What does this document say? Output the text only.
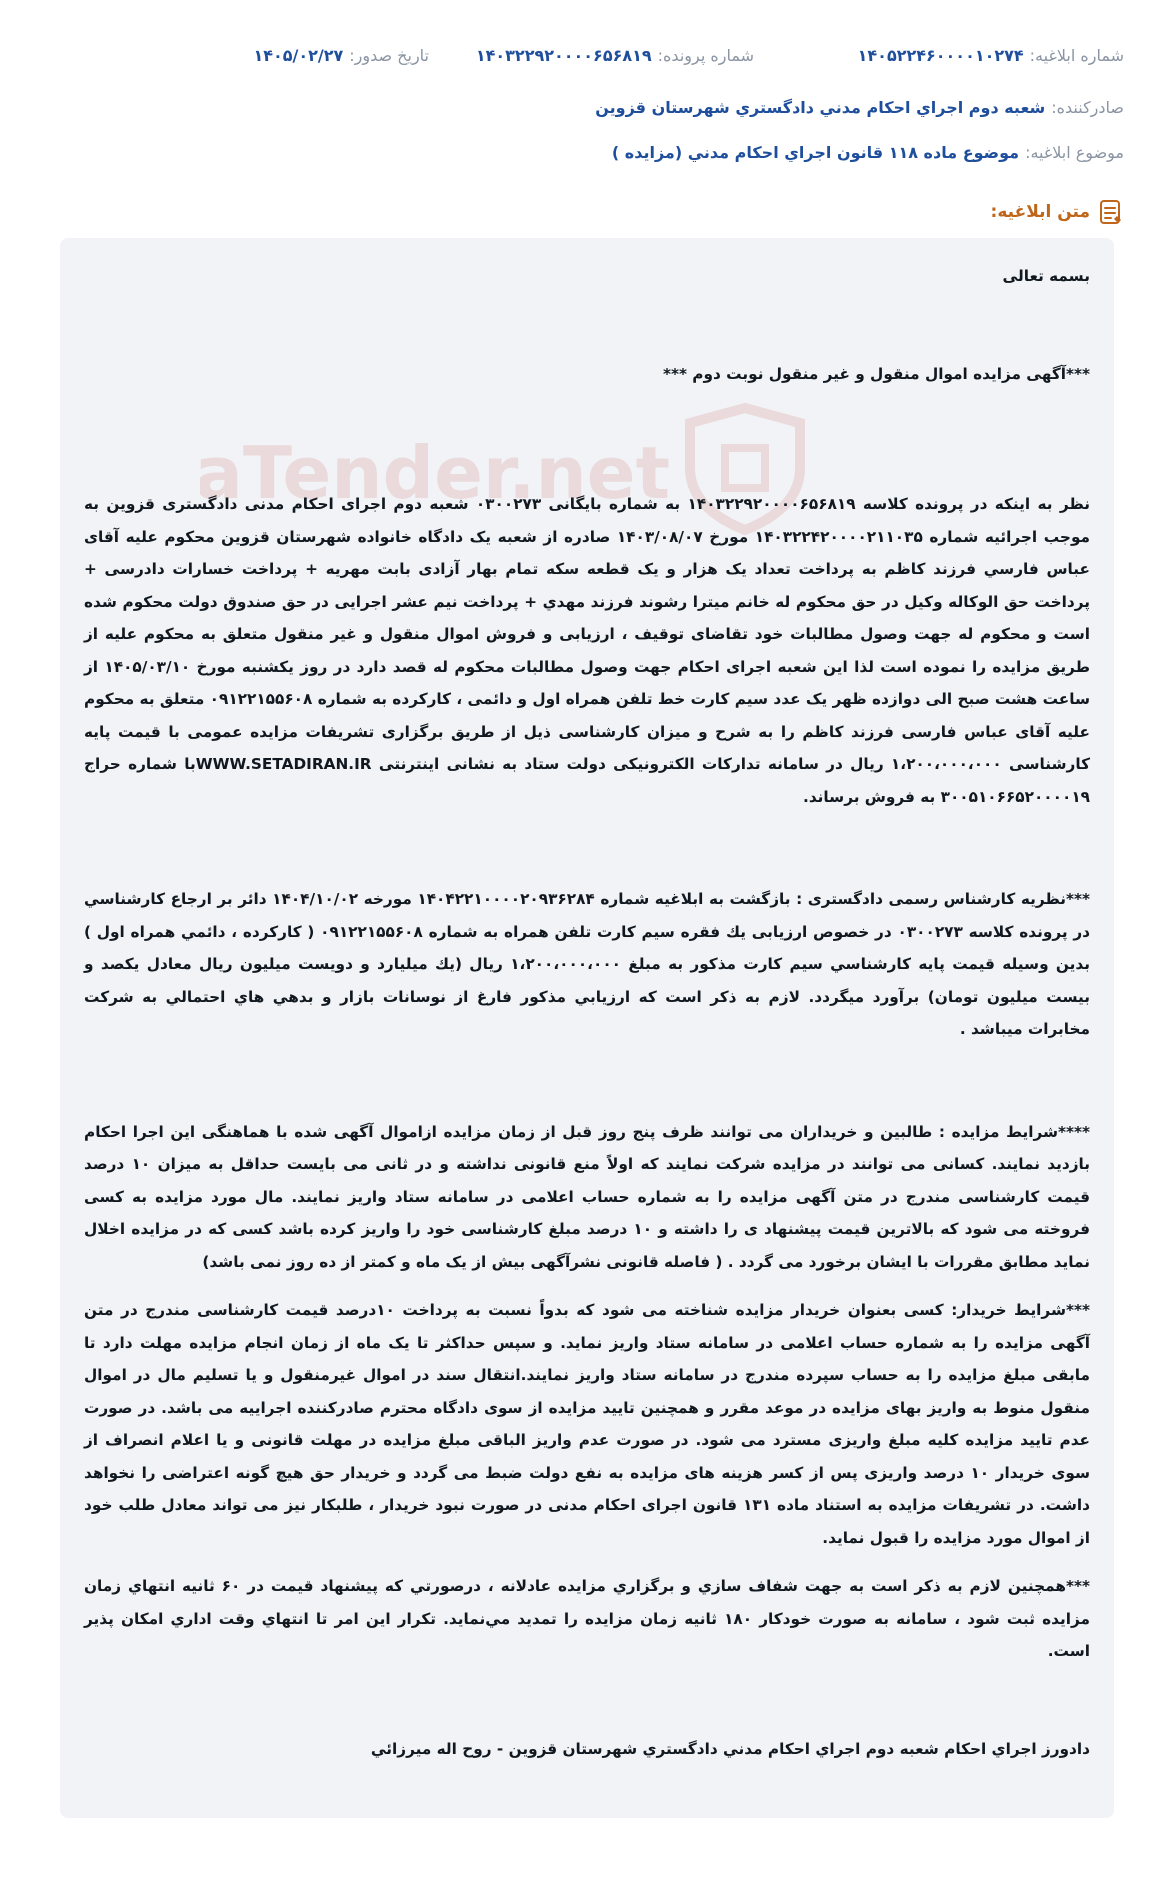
شماره ابلاغيه:
۱۴۰۵۲۲۴۶۰۰۰۰۱۰۲۷۴
شماره پرونده:
۱۴۰۳۲۲۹۲۰۰۰۰۶۵۶۸۱۹
تاريخ صدور:
۱۴۰۵/۰۲/۲۷
صادرکننده:
شعبه دوم اجراي احکام مدني دادگستري شهرستان قزوين
موضوع ابلاغيه:
موضوع ماده ۱۱۸ قانون اجراي احکام مدني (مزايده )
متن ابلاغيه:
aTender.net

بسمه تعالی

***آگهی مزایده اموال منقول و غیر منقول نوبت دوم ***

نظر به اینکه در پرونده کلاسه ۱۴۰۳۲۲۹۲۰۰۰۰۶۵۶۸۱۹ به شماره بایگانی ۰۳۰۰۲۷۳ شعبه دوم اجرای احکام مدنی دادگستری قزوین به موجب اجرائیه شماره ۱۴۰۳۲۲۴۲۰۰۰۰۲۱۱۰۳۵ مورخ ۱۴۰۳/۰۸/۰۷ صادره از شعبه یک دادگاه خانواده شهرستان قزوین محکوم علیه آقای عباس فارسي فرزند کاظم به پرداخت تعداد یک هزار و یک قطعه سکه تمام بهار آزادی بابت مهریه + پرداخت خسارات دادرسی + پرداخت حق الوکاله وکیل در حق محکوم له خانم میترا رشوند فرزند مهدي + پرداخت نیم عشر اجرایی در حق صندوق دولت محکوم شده است و محکوم له جهت وصول مطالبات خود تقاضای توقیف ، ارزیابی و فروش اموال منقول و غیر منقول متعلق به محکوم علیه از طریق مزایده را نموده است لذا این شعبه اجرای احکام جهت وصول مطالبات محکوم له قصد دارد در روز یکشنبه مورخ ۱۴۰۵/۰۳/۱۰ از ساعت هشت صبح الی دوازده ظهر یک عدد سیم کارت خط تلفن همراه اول و دائمی ، کارکرده به شماره ۰۹۱۲۲۱۵۵۶۰۸ متعلق به محکوم علیه آقای عباس فارسی فرزند کاظم را به شرح و میزان کارشناسی ذیل از طریق برگزاری تشریفات مزایده عمومی با قیمت پایه کارشناسی ۱،۲۰۰،۰۰۰،۰۰۰ ریال در سامانه تدارکات الکترونیکی دولت ستاد به نشانی اینترنتی WWW.SETADIRAN.IRبا شماره حراج ۳۰۰۵۱۰۶۶۵۲۰۰۰۰۱۹ به فروش برساند.

***نظریه کارشناس رسمی دادگستری : بازگشت به ابلاغیه شماره ۱۴۰۴۲۲۱۰۰۰۰۲۰۹۳۶۲۸۴ مورخه ۱۴۰۴/۱۰/۰۲ دائر بر ارجاع کارشناسي در پرونده کلاسه ۰۳۰۰۲۷۳ در خصوص ارزیابی یك فقره سیم کارت تلفن همراه به شماره ۰۹۱۲۲۱۵۵۶۰۸ ( کارکرده ، دائمي همراه اول ) بدین وسیله قیمت پایه کارشناسي سیم کارت مذکور به مبلغ ۱،۲۰۰،۰۰۰،۰۰۰ ریال (یك میلیارد و دویست میلیون ریال معادل یکصد و بیست میلیون تومان) برآورد میگردد. لازم به ذکر است که ارزیابي مذکور فارغ از نوسانات بازار و بدهي هاي احتمالي به شرکت مخابرات میباشد .

****شرایط مزایده : طالبین و خریداران می توانند ظرف پنج روز قبل از زمان مزایده ازاموال آگهی شده با هماهنگی این اجرا احکام بازدید نمایند. کسانی می توانند در مزایده شرکت نمایند که اولاً منع قانونی نداشته و در ثانی می بایست حداقل به میزان ۱۰ درصد قیمت کارشناسی مندرج در متن آگهی مزایده را به شماره حساب اعلامی در سامانه ستاد واریز نمایند. مال مورد مزایده به کسی فروخته می شود که بالاترین قیمت پیشنهاد ی را داشته و ۱۰ درصد مبلغ کارشناسی خود را واریز کرده باشد کسی که در مزایده اخلال نماید مطابق مقررات با ایشان برخورد می گردد . ( فاصله قانونی نشرآگهی بیش از یک ماه و کمتر از ده روز نمی باشد)

***شرایط خریدار: کسی بعنوان خریدار مزایده شناخته می شود که بدواً نسبت به پرداخت ۱۰درصد قیمت کارشناسی مندرج در متن آگهی مزایده را به شماره حساب اعلامی در سامانه ستاد واریز نماید. و سپس حداکثر تا یک ماه از زمان انجام مزایده مهلت دارد تا مابقی مبلغ مزایده را به حساب سپرده مندرج در سامانه ستاد واریز نمایند.انتقال سند در اموال غیرمنقول و یا تسلیم مال در اموال منقول منوط به واریز بهای مزایده در موعد مقرر و همچنین تایید مزایده از سوی دادگاه محترم صادرکننده اجراییه می باشد. در صورت عدم تایید مزایده کلیه مبلغ واریزی مسترد می شود. در صورت عدم واریز الباقی مبلغ مزایده در مهلت قانونی و یا اعلام انصراف از سوی خریدار ۱۰ درصد واریزی پس از کسر هزینه های مزایده به نفع دولت ضبط می گردد و خریدار حق هیچ گونه اعتراضی را نخواهد داشت. در تشریفات مزایده به استناد ماده ۱۳۱ قانون اجرای احکام مدنی در صورت نبود خریدار ، طلبکار نیز می تواند معادل طلب خود از اموال مورد مزایده را قبول نماید.

***همچنين لازم به ذکر است به جهت شفاف سازي و برگزاري مزايده عادلانه ، درصورتي که پيشنهاد قيمت در ۶۰ ثانيه انتهاي زمان مزايده ثبت شود ، سامانه به صورت خودکار ۱۸۰ ثانيه زمان مزايده را تمديد مي‌نمايد. تکرار اين امر تا انتهاي وقت اداري امکان پذير است.

دادورز اجراي احکام شعبه دوم اجراي احکام مدني دادگستري شهرستان قزوين - روح اله ميرزائي
